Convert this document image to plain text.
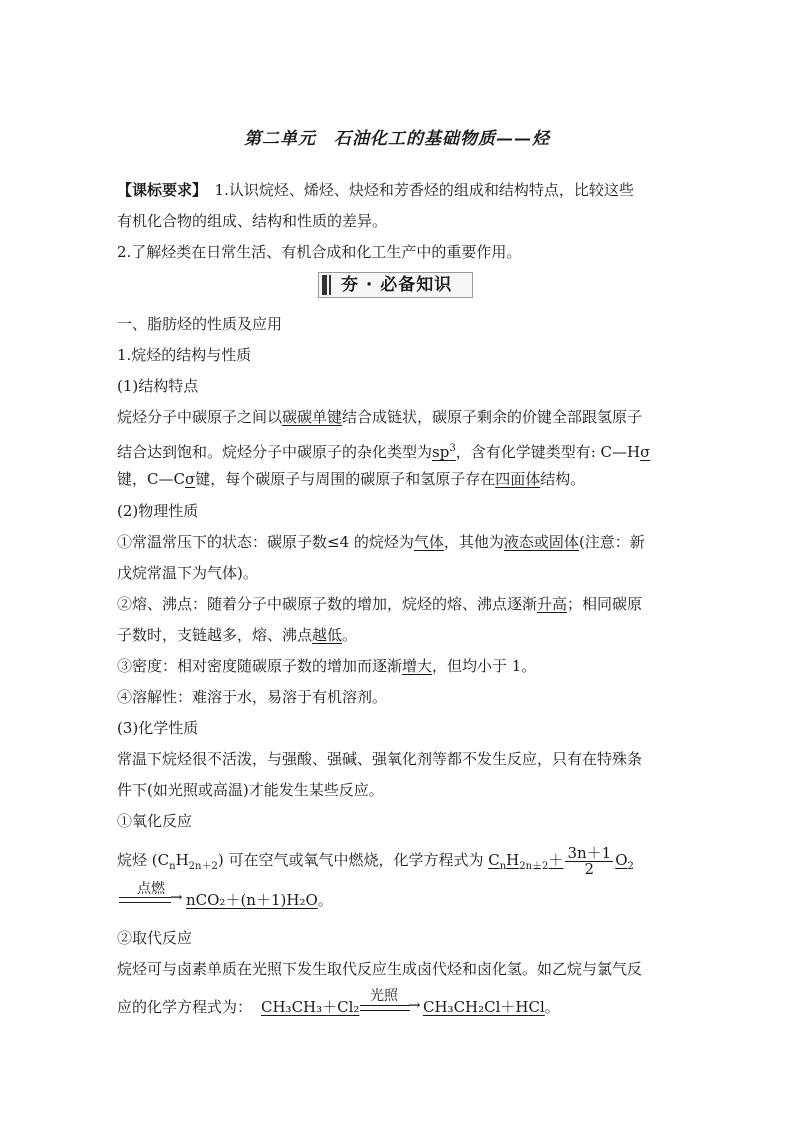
第二单元　石油化工的基础物质——烃
【课标要求】　1.认识烷烃、烯烃、炔烃和芳香烃的组成和结构特点，比较这些
有机化合物的组成、结构和性质的差异。
2.了解烃类在日常生活、有机合成和化工生产中的重要作用。
夯 · 必备知识
一、脂肪烃的性质及应用
1.烷烃的结构与性质
(1)结构特点
烷烃分子中碳原子之间以碳碳单键结合成链状，碳原子剩余的价键全部跟氢原子
结合达到饱和。烷烃分子中碳原子的杂化类型为$sp^3$，含有化学键类型有: C—Hσ
键，C—Cσ键，每个碳原子与周围的碳原子和氢原子存在四面体结构。
(2)物理性质
①常温常压下的状态：碳原子数≤4 的烷烃为气体，其他为液态或固体(注意：新
戊烷常温下为气体)。
②熔、沸点：随着分子中碳原子数的增加，烷烃的熔、沸点逐渐升高；相同碳原
子数时，支链越多，熔、沸点越低。
③密度：相对密度随碳原子数的增加而逐渐增大，但均小于 1。
④溶解性：难溶于水，易溶于有机溶剂。
(3)化学性质
常温下烷烃很不活泼，与强酸、强碱、强氧化剂等都不发生反应，只有在特殊条
件下(如光照或高温)才能发生某些反应。
①氧化反应
烷烃 $(C_nH_{2n+2})$ 可在空气或氧气中燃烧，化学方程式为 $C_nH_{2n+2}+ \frac{3n+1}{2} O_2$
点燃 → nCO₂＋(n＋1)H₂O。
②取代反应
烷烃可与卤素单质在光照下发生取代反应生成卤代烃和卤化氢。如乙烷与氯气反
应的化学方程式为： CH₃CH₃＋Cl₂
光照 → CH₃CH₂Cl＋HCl。
